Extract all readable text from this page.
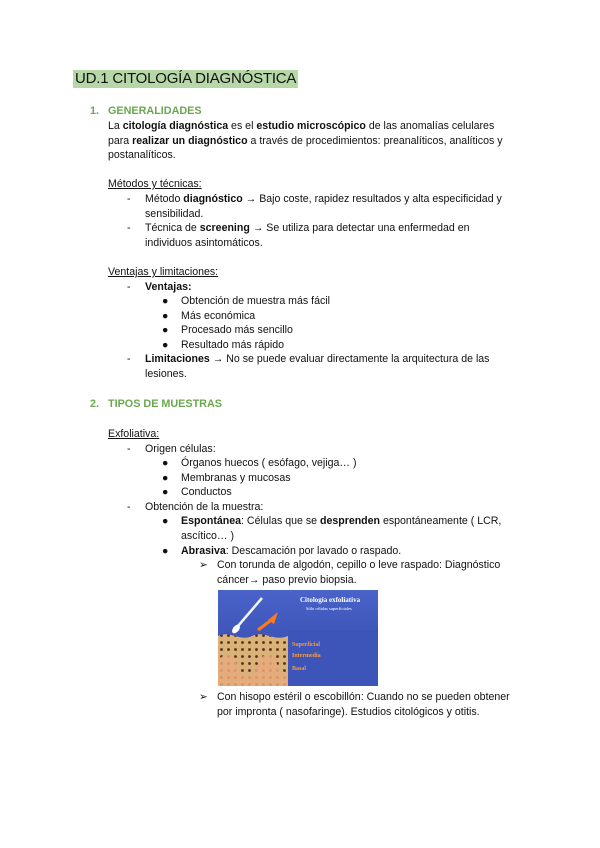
UD.1 CITOLOGÍA DIAGNÓSTICA
1. GENERALIDADES
La citología diagnóstica es el estudio microscópico de las anomalías celulares
para realizar un diagnóstico a través de procedimientos: preanalíticos, analíticos y
postanalíticos.
Métodos y técnicas:
- Método diagnóstico → Bajo coste, rapidez resultados y alta especificidad y
sensibilidad.
- Técnica de screening → Se utiliza para detectar una enfermedad en
individuos asintomáticos.
Ventajas y limitaciones:
- Ventajas:
● Obtención de muestra más fácil
● Más económica
● Procesado más sencillo
● Resultado más rápido
- Limitaciones → No se puede evaluar directamente la arquitectura de las
lesiones.
2. TIPOS DE MUESTRAS
Exfoliativa:
- Origen células:
● Órganos huecos ( esófago, vejiga… )
● Membranas y mucosas
● Conductos
- Obtención de la muestra:
● Espontánea: Células que se desprenden espontáneamente ( LCR,
ascítico… )
● Abrasiva: Descamación por lavado o raspado.
➢ Con torunda de algodón, cepillo o leve raspado: Diagnóstico
cáncer→ paso previo biopsia.
Citología exfoliativa
Sólo células superficiales
Superficial
Intermedia
Basal
➢ Con hisopo estéril o escobillón: Cuando no se pueden obtener
por impronta ( nasofaringe). Estudios citológicos y otitis.
